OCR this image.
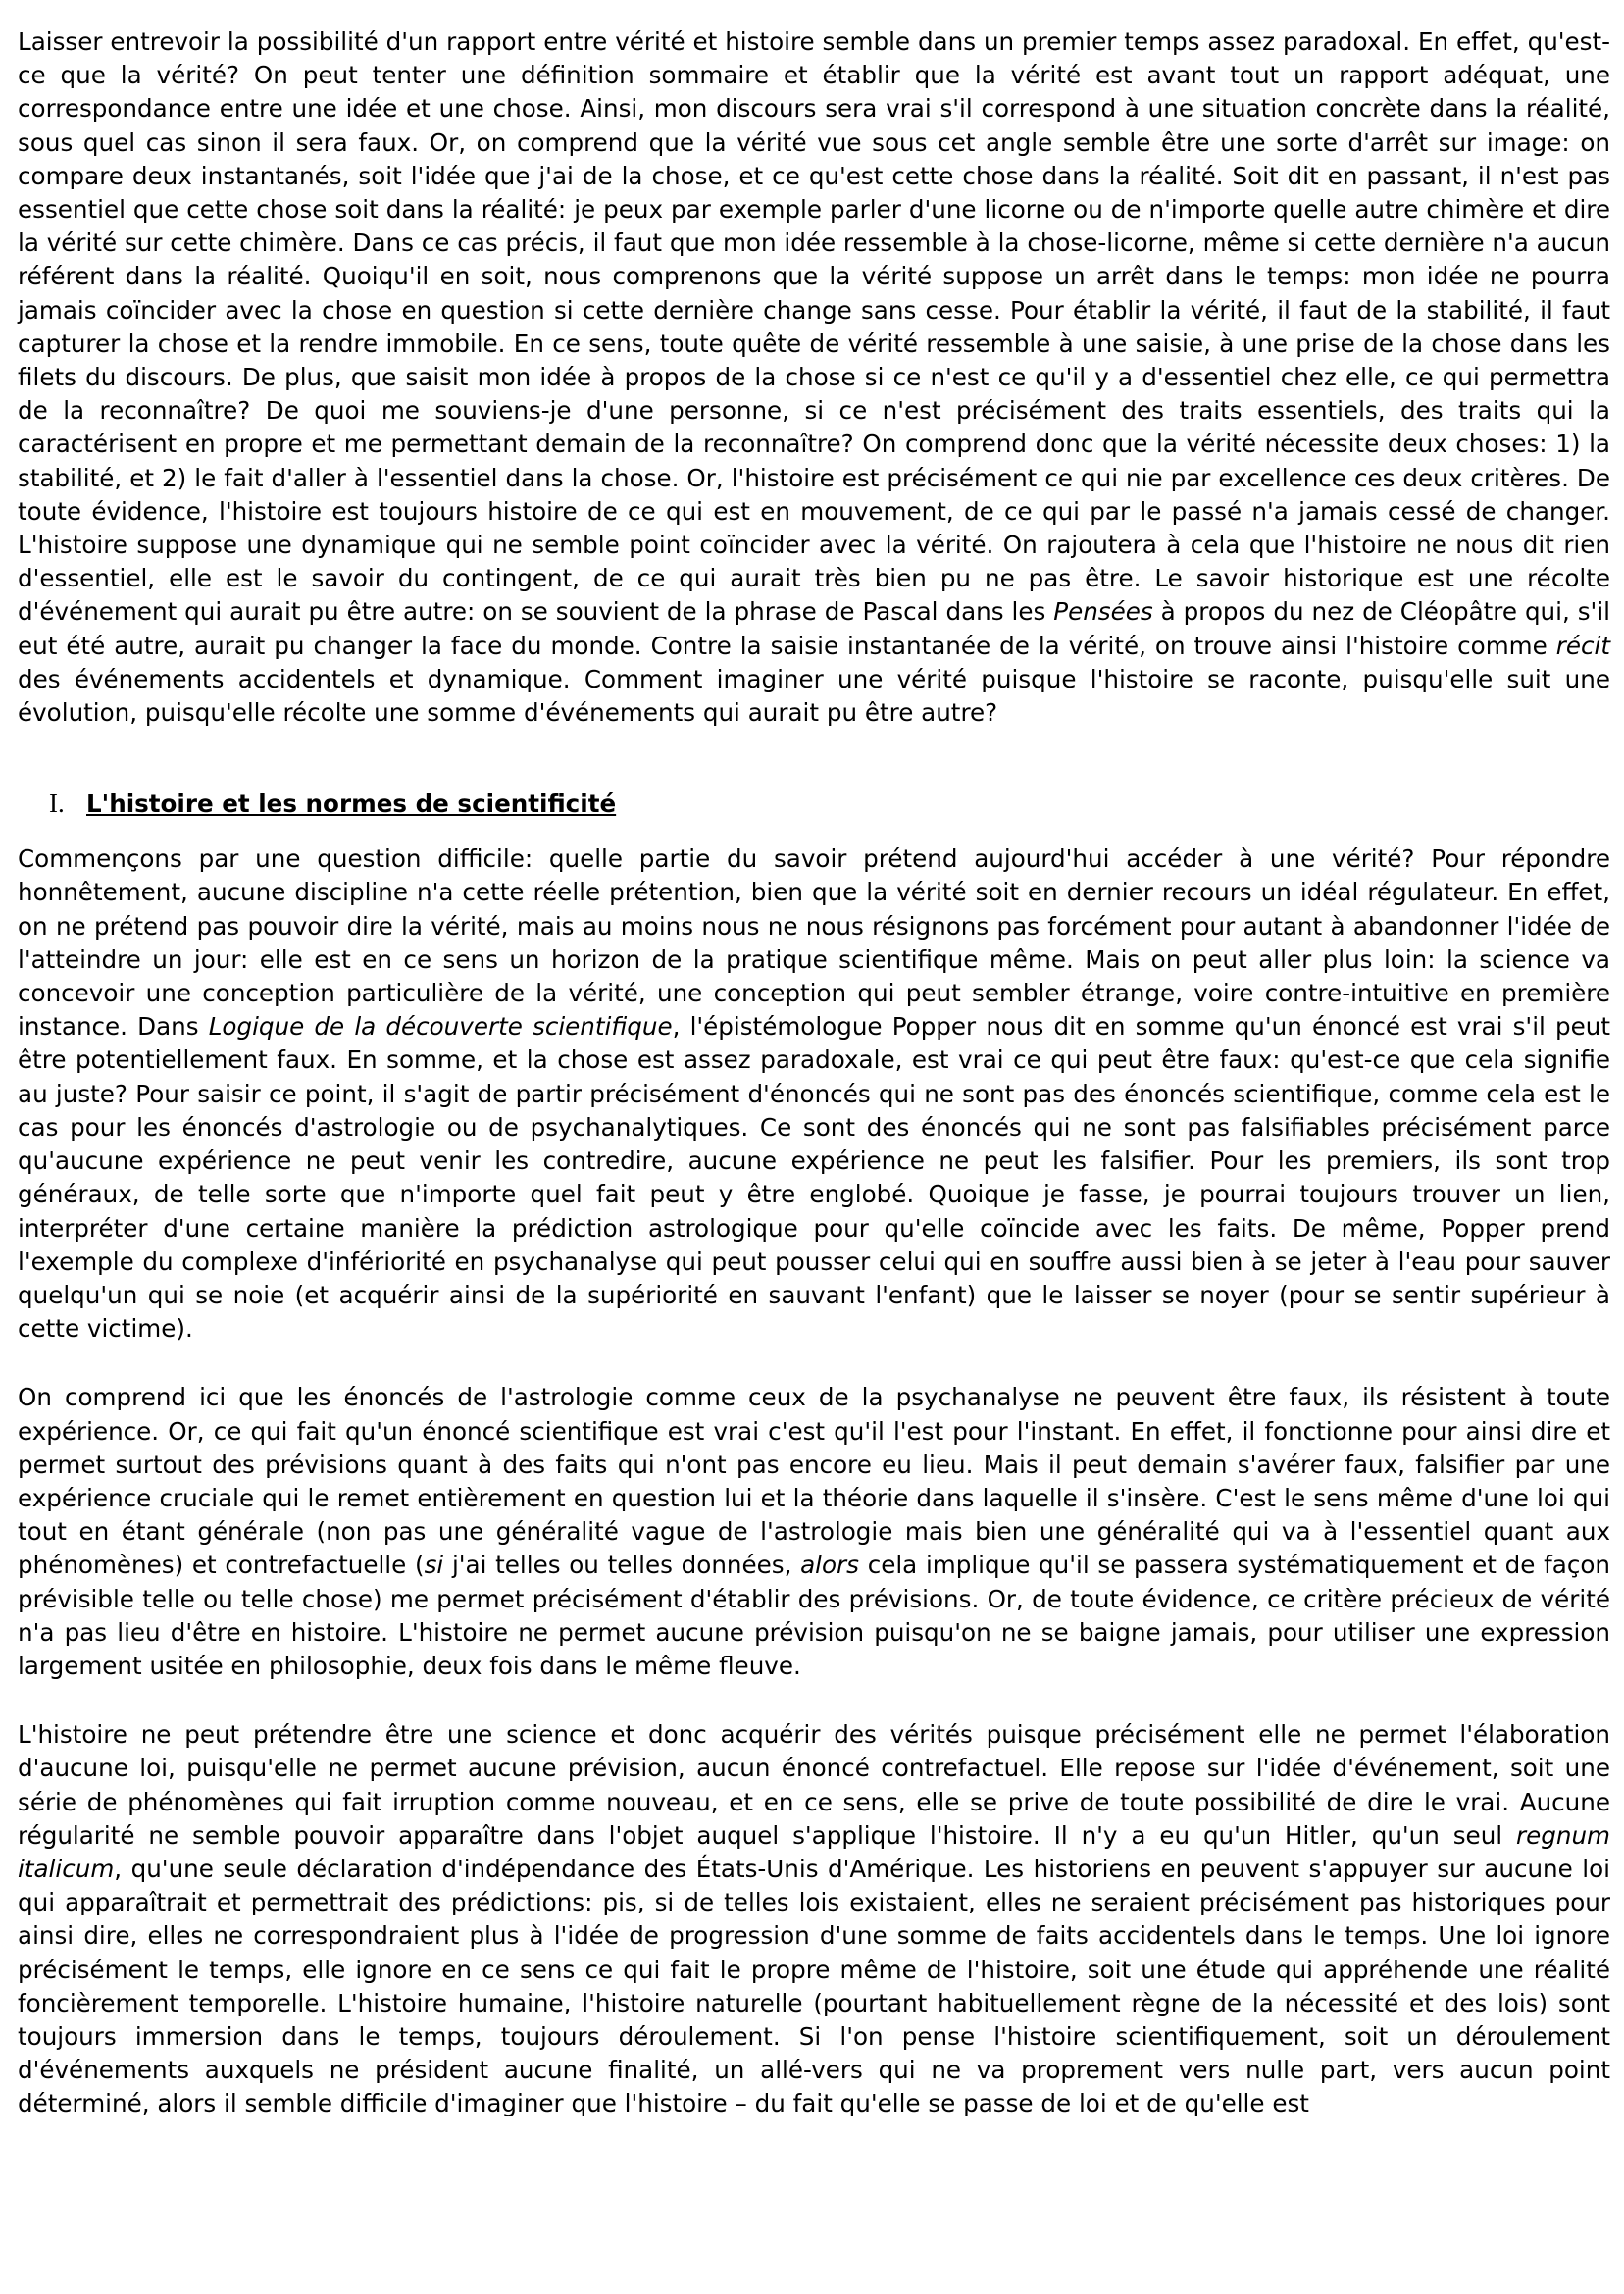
Laisser entrevoir la possibilité d'un rapport entre vérité et histoire semble dans un premier temps assez paradoxal. En effet, qu'est-ce que la vérité? On peut tenter une définition sommaire et établir que la vérité est avant tout un rapport adéquat, une correspondance entre une idée et une chose. Ainsi, mon discours sera vrai s'il correspond à une situation concrète dans la réalité, sous quel cas sinon il sera faux. Or, on comprend que la vérité vue sous cet angle semble être une sorte d'arrêt sur image: on compare deux instantanés, soit l'idée que j'ai de la chose, et ce qu'est cette chose dans la réalité. Soit dit en passant, il n'est pas essentiel que cette chose soit dans la réalité: je peux par exemple parler d'une licorne ou de n'importe quelle autre chimère et dire la vérité sur cette chimère. Dans ce cas précis, il faut que mon idée ressemble à la chose-licorne, même si cette dernière n'a aucun référent dans la réalité. Quoiqu'il en soit, nous comprenons que la vérité suppose un arrêt dans le temps: mon idée ne pourra jamais coïncider avec la chose en question si cette dernière change sans cesse. Pour établir la vérité, il faut de la stabilité, il faut capturer la chose et la rendre immobile. En ce sens, toute quête de vérité ressemble à une saisie, à une prise de la chose dans les filets du discours. De plus, que saisit mon idée à propos de la chose si ce n'est ce qu'il y a d'essentiel chez elle, ce qui permettra de la reconnaître? De quoi me souviens-je d'une personne, si ce n'est précisément des traits essentiels, des traits qui la caractérisent en propre et me permettant demain de la reconnaître? On comprend donc que la vérité nécessite deux choses: 1) la stabilité, et 2) le fait d'aller à l'essentiel dans la chose. Or, l'histoire est précisément ce qui nie par excellence ces deux critères. De toute évidence, l'histoire est toujours histoire de ce qui est en mouvement, de ce qui par le passé n'a jamais cessé de changer. L'histoire suppose une dynamique qui ne semble point coïncider avec la vérité. On rajoutera à cela que l'histoire ne nous dit rien d'essentiel, elle est le savoir du contingent, de ce qui aurait très bien pu ne pas être. Le savoir historique est une récolte d'événement qui aurait pu être autre: on se souvient de la phrase de Pascal dans les Pensées à propos du nez de Cléopâtre qui, s'il eut été autre, aurait pu changer la face du monde. Contre la saisie instantanée de la vérité, on trouve ainsi l'histoire comme récit des événements accidentels et dynamique. Comment imaginer une vérité puisque l'histoire se raconte, puisqu'elle suit une évolution, puisqu'elle récolte une somme d'événements qui aurait pu être autre?

I. L'histoire et les normes de scientificité

Commençons par une question difficile: quelle partie du savoir prétend aujourd'hui accéder à une vérité? Pour répondre honnêtement, aucune discipline n'a cette réelle prétention, bien que la vérité soit en dernier recours un idéal régulateur. En effet, on ne prétend pas pouvoir dire la vérité, mais au moins nous ne nous résignons pas forcément pour autant à abandonner l'idée de l'atteindre un jour: elle est en ce sens un horizon de la pratique scientifique même. Mais on peut aller plus loin: la science va concevoir une conception particulière de la vérité, une conception qui peut sembler étrange, voire contre-intuitive en première instance. Dans Logique de la découverte scientifique, l'épistémologue Popper nous dit en somme qu'un énoncé est vrai s'il peut être potentiellement faux. En somme, et la chose est assez paradoxale, est vrai ce qui peut être faux: qu'est-ce que cela signifie au juste? Pour saisir ce point, il s'agit de partir précisément d'énoncés qui ne sont pas des énoncés scientifique, comme cela est le cas pour les énoncés d'astrologie ou de psychanalytiques. Ce sont des énoncés qui ne sont pas falsifiables précisément parce qu'aucune expérience ne peut venir les contredire, aucune expérience ne peut les falsifier. Pour les premiers, ils sont trop généraux, de telle sorte que n'importe quel fait peut y être englobé. Quoique je fasse, je pourrai toujours trouver un lien, interpréter d'une certaine manière la prédiction astrologique pour qu'elle coïncide avec les faits. De même, Popper prend l'exemple du complexe d'infériorité en psychanalyse qui peut pousser celui qui en souffre aussi bien à se jeter à l'eau pour sauver quelqu'un qui se noie (et acquérir ainsi de la supériorité en sauvant l'enfant) que le laisser se noyer (pour se sentir supérieur à cette victime).

On comprend ici que les énoncés de l'astrologie comme ceux de la psychanalyse ne peuvent être faux, ils résistent à toute expérience. Or, ce qui fait qu'un énoncé scientifique est vrai c'est qu'il l'est pour l'instant. En effet, il fonctionne pour ainsi dire et permet surtout des prévisions quant à des faits qui n'ont pas encore eu lieu. Mais il peut demain s'avérer faux, falsifier par une expérience cruciale qui le remet entièrement en question lui et la théorie dans laquelle il s'insère. C'est le sens même d'une loi qui tout en étant générale (non pas une généralité vague de l'astrologie mais bien une généralité qui va à l'essentiel quant aux phénomènes) et contrefactuelle (si j'ai telles ou telles données, alors cela implique qu'il se passera systématiquement et de façon prévisible telle ou telle chose) me permet précisément d'établir des prévisions. Or, de toute évidence, ce critère précieux de vérité n'a pas lieu d'être en histoire. L'histoire ne permet aucune prévision puisqu'on ne se baigne jamais, pour utiliser une expression largement usitée en philosophie, deux fois dans le même fleuve.

L'histoire ne peut prétendre être une science et donc acquérir des vérités puisque précisément elle ne permet l'élaboration d'aucune loi, puisqu'elle ne permet aucune prévision, aucun énoncé contrefactuel. Elle repose sur l'idée d'événement, soit une série de phénomènes qui fait irruption comme nouveau, et en ce sens, elle se prive de toute possibilité de dire le vrai. Aucune régularité ne semble pouvoir apparaître dans l'objet auquel s'applique l'histoire. Il n'y a eu qu'un Hitler, qu'un seul regnum italicum, qu'une seule déclaration d'indépendance des États-Unis d'Amérique. Les historiens en peuvent s'appuyer sur aucune loi qui apparaîtrait et permettrait des prédictions: pis, si de telles lois existaient, elles ne seraient précisément pas historiques pour ainsi dire, elles ne correspondraient plus à l'idée de progression d'une somme de faits accidentels dans le temps. Une loi ignore précisément le temps, elle ignore en ce sens ce qui fait le propre même de l'histoire, soit une étude qui appréhende une réalité foncièrement temporelle. L'histoire humaine, l'histoire naturelle (pourtant habituellement règne de la nécessité et des lois) sont toujours immersion dans le temps, toujours déroulement. Si l'on pense l'histoire scientifiquement, soit un déroulement d'événements auxquels ne président aucune finalité, un allé-vers qui ne va proprement vers nulle part, vers aucun point déterminé, alors il semble difficile d'imaginer que l'histoire – du fait qu'elle se passe de loi et de qu'elle est
